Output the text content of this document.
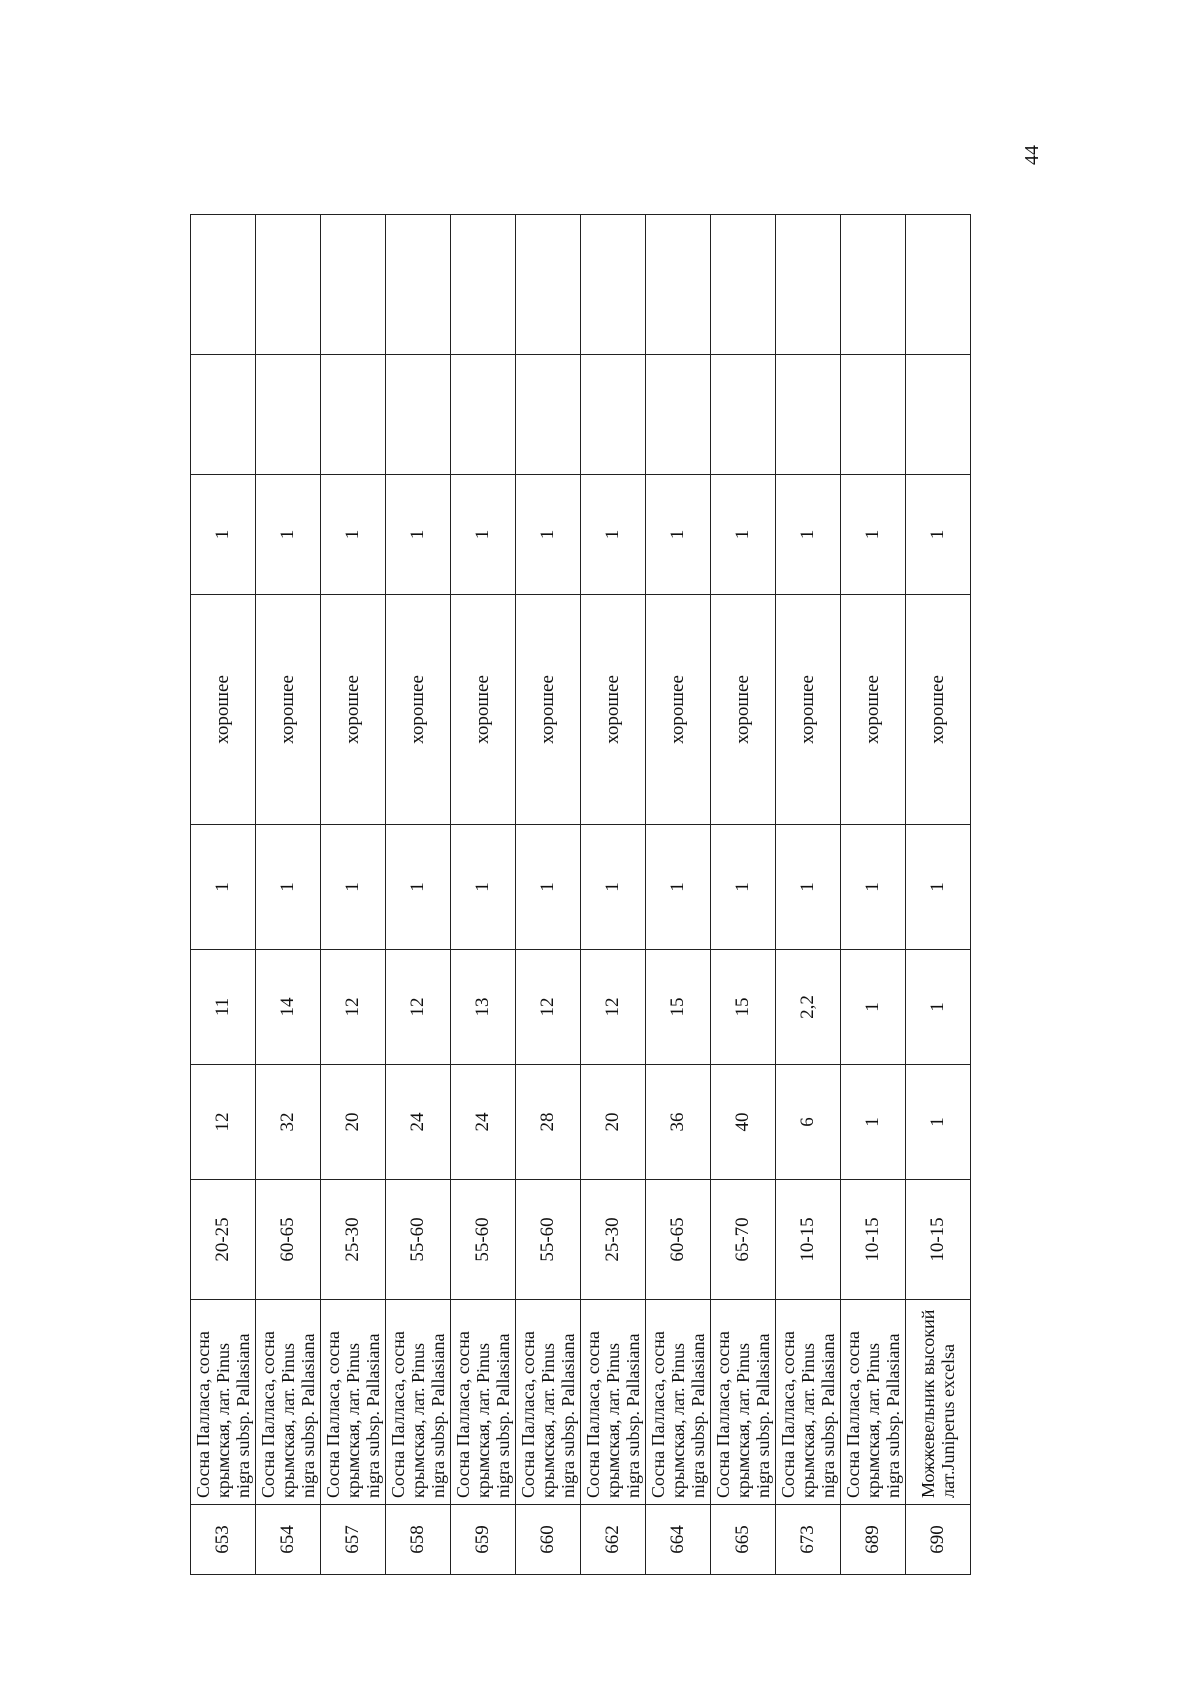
44
653	Сосна Палласа, сосна крымская, лат. Pinus nigra subsp. Pallasiana	20-25	12	11	1	хорошее	1		
654	Сосна Палласа, сосна крымская, лат. Pinus nigra subsp. Pallasiana	60-65	32	14	1	хорошее	1		
657	Сосна Палласа, сосна крымская, лат. Pinus nigra subsp. Pallasiana	25-30	20	12	1	хорошее	1		
658	Сосна Палласа, сосна крымская, лат. Pinus nigra subsp. Pallasiana	55-60	24	12	1	хорошее	1		
659	Сосна Палласа, сосна крымская, лат. Pinus nigra subsp. Pallasiana	55-60	24	13	1	хорошее	1		
660	Сосна Палласа, сосна крымская, лат. Pinus nigra subsp. Pallasiana	55-60	28	12	1	хорошее	1		
662	Сосна Палласа, сосна крымская, лат. Pinus nigra subsp. Pallasiana	25-30	20	12	1	хорошее	1		
664	Сосна Палласа, сосна крымская, лат. Pinus nigra subsp. Pallasiana	60-65	36	15	1	хорошее	1		
665	Сосна Палласа, сосна крымская, лат. Pinus nigra subsp. Pallasiana	65-70	40	15	1	хорошее	1		
673	Сосна Палласа, сосна крымская, лат. Pinus nigra subsp. Pallasiana	10-15	6	2,2	1	хорошее	1		
689	Сосна Палласа, сосна крымская, лат. Pinus nigra subsp. Pallasiana	10-15	1	1	1	хорошее	1		
690	Можжевельник высокий лат.Juniperus excelsa	10-15	1	1	1	хорошее	1		
